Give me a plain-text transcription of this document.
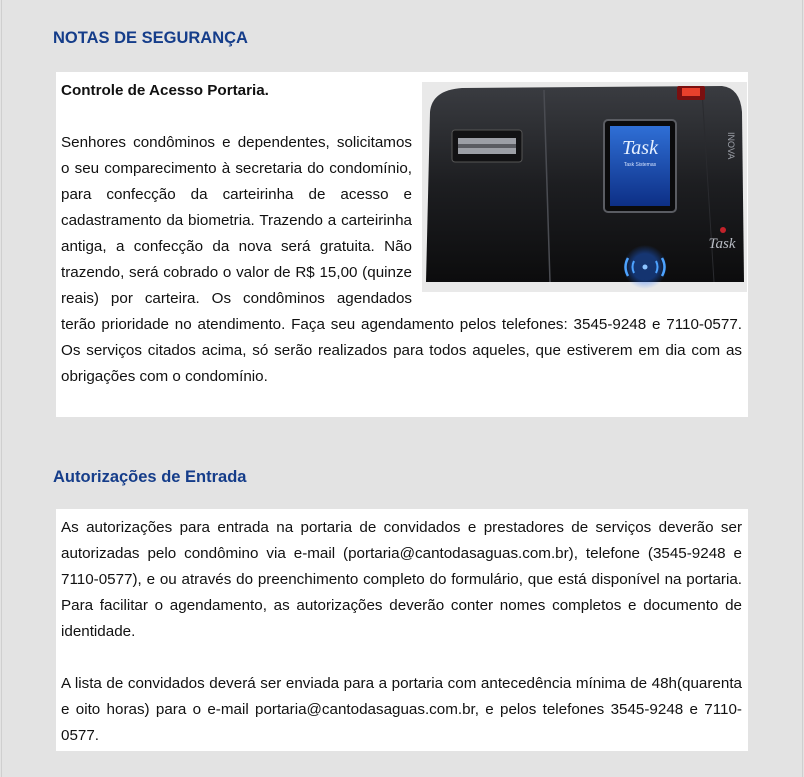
NOTAS DE SEGURANÇA
Task
Task Sistemas
Task
INOVA

Controle de Acesso Portaria.

Senhores condôminos e dependentes, solicitamos o seu comparecimento à secretaria do condomínio, para confecção da carteirinha de acesso e cadastramento da biometria. Trazendo a carteirinha antiga, a confecção da nova será gratuita. Não trazendo, será cobrado o valor de R$ 15,00 (quinze reais) por carteira. Os condôminos agendados terão prioridade no atendimento. Faça seu agendamento pelos telefones: 3545-9248 e 7110-0577. Os serviços citados acima, só serão realizados para todos aqueles, que estiverem em dia com as obrigações com o condomínio.

Autorizações de Entrada

As autorizações para entrada na portaria de convidados e prestadores de serviços deverão ser autorizadas pelo condômino via e-mail (portaria@cantodasaguas.com.br), telefone (3545-9248 e 7110-0577), e ou através do preenchimento completo do formulário, que está disponível na portaria. Para facilitar o agendamento, as autorizações deverão conter nomes completos e documento de identidade.

A lista de convidados deverá ser enviada para a portaria com antecedência mínima de 48h(quarenta e oito horas) para o e-mail portaria@cantodasaguas.com.br, e pelos telefones 3545-9248 e 7110-0577.
